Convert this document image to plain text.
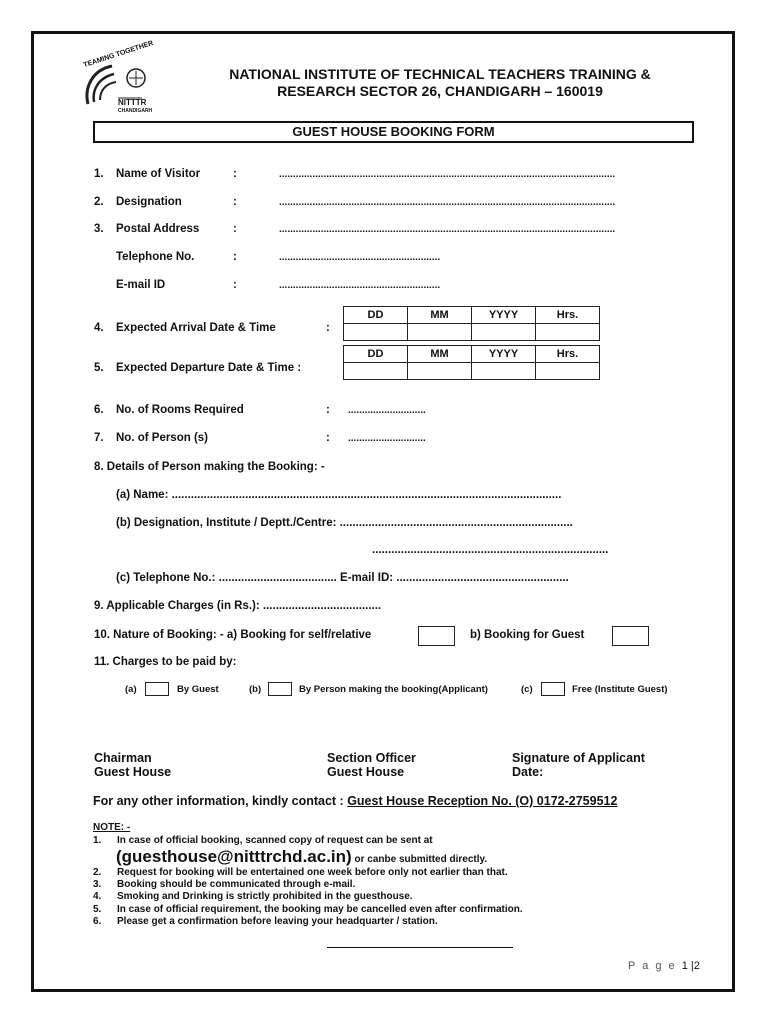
TEAMING TOGETHER
NITTTR
CHANDIGARH
NATIONAL INSTITUTE OF TECHNICAL TEACHERS TRAINING &
RESEARCH SECTOR 26, CHANDIGARH – 160019
GUEST HOUSE BOOKING FORM
1. Name of Visitor	:	.........................................................................................................................
2. Designation	:	.........................................................................................................................
3. Postal Address	:	.........................................................................................................................
Telephone No.	:	..........................................................
E-mail ID	:	..........................................................
DD	MM	YYYY	Hrs.

4. Expected Arrival Date & Time	:
DD	MM	YYYY	Hrs.

5. Expected Departure Date & Time :
6. No. of Rooms Required	: ............................
7. No. of Person (s)	: ............................
8. Details of Person making the Booking: -
(a) Name: ..........................................................................................................................
(b) Designation, Institute / Deptt./Centre: .........................................................................
..........................................................................
(c) Telephone No.: ..................................... E-mail ID: ......................................................
9. Applicable Charges (in Rs.): .....................................
10. Nature of Booking: - a) Booking for self/relative	b) Booking for Guest
11. Charges to be paid by:
(a)	By Guest	(b)	By Person making the booking(Applicant)	(c)	Free (Institute Guest)
Chairman
Guest House
Section Officer
Guest House
Signature of Applicant
Date:
For any other information, kindly contact : Guest House Reception No. (O) 0172-2759512
NOTE: -
1. In case of official booking, scanned copy of request can be sent at
(guesthouse@nitttrchd.ac.in) or canbe submitted directly.
2. Request for booking will be entertained one week before only not earlier than that.
3. Booking should be communicated through e-mail.
4. Smoking and Drinking is strictly prohibited in the guesthouse.
5. In case of official requirement, the booking may be cancelled even after confirmation.
6. Please get a confirmation before leaving your headquarter / station.
P a g e 1 |2
